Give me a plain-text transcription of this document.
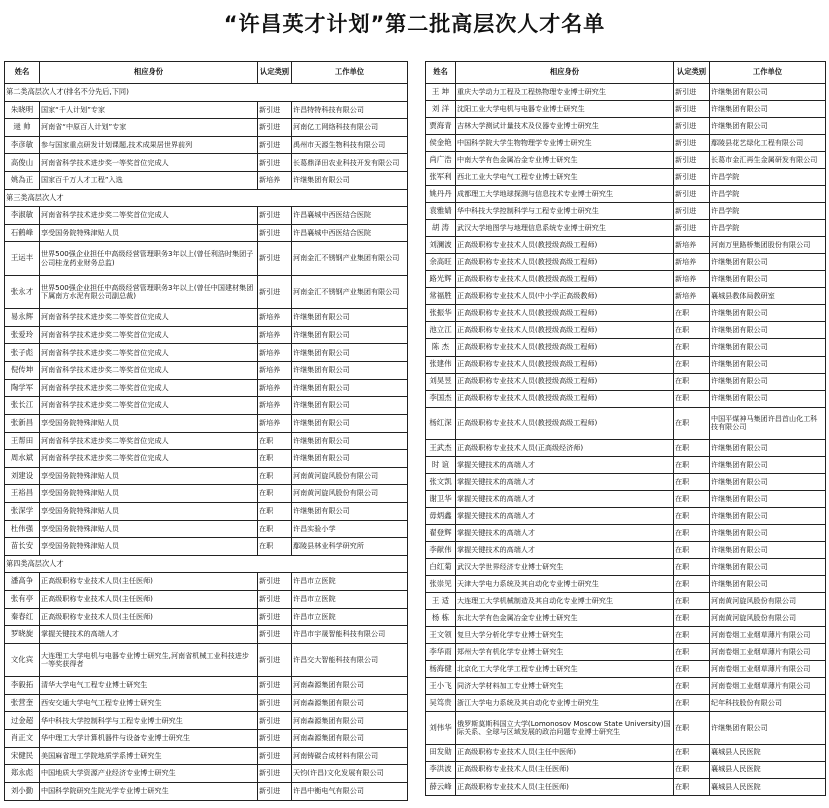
“许昌英才计划”第二批高层次人才名单
姓名	相应身份	认定类别	工作单位
第二类高层次人才(排名不分先后,下同)			
朱晓明	国家“千人计划”专家	新引进	许昌特特科技有限公司
逯 帅	河南省“中原百人计划”专家	新引进	河南亿工网络科技有限公司
李彦敏	参与国家重点研发计划课题,技术成果居世界前列	新引进	禹州市天源生物科技有限公司
高俊山	河南省科学技术进步奖一等奖首位完成人	新引进	长葛鼎泽田农业科技开发有限公司
姚為正	国家百千万人才工程”入选	新培养	许继集团有限公司
第三类高层次人才			
李淑敏	河南省科学技术进步奖二等奖首位完成人	新引进	许昌襄城中西医结合医院
石鹤峰	享受国务院特殊津贴人员	新引进	许昌襄城中西医结合医院
王运丰	世界500强企业担任中高级经营管理职务3年以上(曾任利浩时集团子公司桂龙药业财务总监)	新引进	河南金汇不锈钢产业集团有限公司
张永才	世界500强企业担任中高级经营管理职务3年以上(曾任中国建材集团下属南方水泥有限公司副总裁)	新引进	河南金汇不锈钢产业集团有限公司
易永辉	河南省科学技术进步奖二等奖首位完成人	新培养	许继集团有限公司
张爱玲	河南省科学技术进步奖二等奖首位完成人	新培养	许继集团有限公司
张子彪	河南省科学技术进步奖二等奖首位完成人	新培养	许继集团有限公司
倪传坤	河南省科学技术进步奖二等奖首位完成人	新培养	许继集团有限公司
陶学军	河南省科学技术进步奖二等奖首位完成人	新培养	许继集团有限公司
张长江	河南省科学技术进步奖二等奖首位完成人	新培养	许继集团有限公司
张新昌	享受国务院特殊津贴人员	新培养	许继集团有限公司
王帮田	河南省科学技术进步奖二等奖首位完成人	在职	许继集团有限公司
周水斌	河南省科学技术进步奖二等奖首位完成人	在职	许继集团有限公司
刘建设	享受国务院特殊津贴人员	在职	河南黄河旋风股份有限公司
王裕昌	享受国务院特殊津贴人员	在职	河南黄河旋风股份有限公司
张深学	享受国务院特殊津贴人员	在职	许继集团有限公司
杜伟强	享受国务院特殊津贴人员	在职	许昌实验小学
苗长安	享受国务院特殊津贴人员	在职	鄢陵县林业科学研究所
第四类高层次人才			
潘高争	正高级职称专业技术人员(主任医师)	新引进	许昌市立医院
张有亭	正高级职称专业技术人员(主任医师)	新引进	许昌市立医院
秦春红	正高级职称专业技术人员(主任医师)	新引进	许昌市立医院
罗晓旋	掌握关键技术的高端人才	新引进	许昌市宇晟智能科技有限公司
文化宾	大连理工大学电机与电器专业博士研究生,河南省机械工业科技进步一等奖获得者	新引进	许昌交大智能科技有限公司
李毅拓	清华大学电气工程专业博士研究生	新引进	河南森源集团有限公司
张营奎	西安交通大学电气工程专业博士研究生	新引进	河南森源集团有限公司
过金超	华中科技大学控制科学与工程专业博士研究生	新引进	河南森源集团有限公司
肖正文	华中理工大学计算机器件与设备专业博士研究生	新引进	河南森源集团有限公司
宋健民	美国麻省理工学院地质学系博士研究生	新引进	河南铸碳合成材料有限公司
郑永彪	中国地质大学资源产业经济专业博士研究生	新引进	天钧(许昌)文化发展有限公司
刘小勤	中国科学院研究生院光学专业博士研究生	新引进	许昌中衡电气有限公司
姓名	相应身份	认定类别	工作单位
王 坤	重庆大学动力工程及工程热物理专业博士研究生	新引进	许继集团有限公司
刘 洋	沈阳工业大学电机与电器专业博士研究生	新引进	许继集团有限公司
贾海青	吉林大学测试计量技术及仪器专业博士研究生	新引进	许继集团有限公司
侯金艳	中国科学院大学生物物理学专业博士研究生	新引进	鄢陵县花艺绿化工程有限公司
尚广浩	中南大学有色金属冶金专业博士研究生	新引进	长葛市金汇再生金属研发有限公司
张军利	西北工业大学电气工程专业博士研究生	新引进	许昌学院
姚丹丹	成都理工大学地球探测与信息技术专业博士研究生	新引进	许昌学院
袁雅婧	华中科技大学控制科学与工程专业博士研究生	新引进	许昌学院
胡 涛	武汉大学地图学与地理信息系统专业博士研究生	新引进	许昌学院
刘澜波	正高级职称专业技术人员(教授级高级工程师)	新培养	河南万里路桥集团股份有限公司
余高旺	正高级职称专业技术人员(教授级高级工程师)	新培养	许继集团有限公司
路光辉	正高级职称专业技术人员(教授级高级工程师)	新培养	许继集团有限公司
常福胜	正高级职称专业技术人员(中小学正高级教师)	新培养	襄城县教体局教研室
张振华	正高级职称专业技术人员(教授级高级工程师)	在职	许继集团有限公司
池立江	正高级职称专业技术人员(教授级高级工程师)	在职	许继集团有限公司
陈 杰	正高级职称专业技术人员(教授级高级工程师)	在职	许继集团有限公司
张建伟	正高级职称专业技术人员(教授级高级工程师)	在职	许继集团有限公司
刘昊昱	正高级职称专业技术人员(教授级高级工程师)	在职	许继集团有限公司
李国杰	正高级职称专业技术人员(教授级高级工程师)	在职	许继集团有限公司
杨红深	正高级职称专业技术人员(教授级高级工程师)	在职	中国平煤神马集团许昌首山化工科技有限公司
王武杰	正高级职称专业技术人员(正高级经济师)	在职	许继集团有限公司
时 谊	掌握关键技术的高端人才	在职	许继集团有限公司
张文凯	掌握关键技术的高端人才	在职	许继集团有限公司
谢卫华	掌握关键技术的高端人才	在职	许继集团有限公司
毋炳鑫	掌握关键技术的高端人才	在职	许继集团有限公司
翟登辉	掌握关键技术的高端人才	在职	许继集团有限公司
李献伟	掌握关键技术的高端人才	在职	许继集团有限公司
白红菊	武汉大学世界经济专业博士研究生	在职	许继集团有限公司
张崇见	天津大学电力系统及其自动化专业博士研究生	在职	许继集团有限公司
王 适	大连理工大学机械制造及其自动化专业博士研究生	在职	河南黄河旋风股份有限公司
杨 栋	东北大学有色金属冶金专业博士研究生	在职	河南黄河旋风股份有限公司
王文领	复旦大学分析化学专业博士研究生	在职	河南卷烟工业烟草薄片有限公司
李华雨	郑州大学有机化学专业博士研究生	在职	河南卷烟工业烟草薄片有限公司
杨海健	北京化工大学化学工程专业博士研究生	在职	河南卷烟工业烟草薄片有限公司
王小飞	同济大学材料加工专业博士研究生	在职	河南卷烟工业烟草薄片有限公司
吴笃贵	浙江大学电力系统及其自动化专业博士研究生	在职	纪年科技股份有限公司
刘伟华	俄罗斯莫斯科国立大学(Lomonosov Moscow State University)国际关系、全球与区域发展的政治问题专业博士研究生	在职	许继集团有限公司
田发勋	正高级职称专业技术人员(主任中医师)	在职	襄城县人民医院
李洪波	正高级职称专业技术人员(主任医师)	在职	襄城县人民医院
薛云峰	正高级职称专业技术人员(主任医师)	在职	襄城县人民医院
